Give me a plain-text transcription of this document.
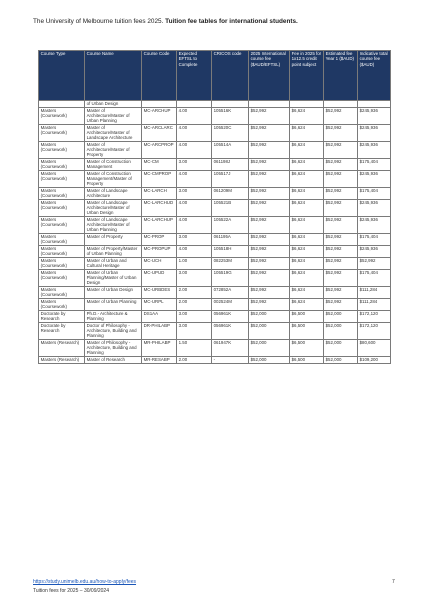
The University of Melbourne tuition fees 2025. Tuition fee tables for international students.
Course Type	Course Name	Course Code	Expected EFTSL to Complete	CRICOS code	2025 International course fee ($AUD/EFTSL)	Fee in 2025 for 1x12.5 credit point subject	Estimated fee Year 1 ($AUD)	Indicative total course fee ($AUD)
	of Urban Design							
Masters (Coursework)	Master of Architecture/Master of Urban Planning	MC-ARCHUP	4.00	105516K	$52,992	$6,624	$52,992	$245,936
Masters (Coursework)	Master of Architecture/Master of Landscape Architecture	MC-ARCLARC	4.00	105520C	$52,992	$6,624	$52,992	$245,936
Masters (Coursework)	Master of Architecture/Master of Property	MC-ARCPROP	4.00	105514A	$52,992	$6,624	$52,992	$245,936
Masters (Coursework)	Master of Construction Management	MC-CM	3.00	061198J	$52,992	$6,624	$52,992	$175,404
Masters (Coursework)	Master of Construction Management/Master of Property	MC-CMPROP	4.00	105517J	$52,992	$6,624	$52,992	$245,936
Masters (Coursework)	Master of Landscape Architecture	MC-LARCH	3.00	061209M	$52,992	$6,624	$52,992	$175,404
Masters (Coursework)	Master of Landscape Architecture/Master of Urban Design	MC-LARCHUD	4.00	105521B	$52,992	$6,624	$52,992	$245,936
Masters (Coursework)	Master of Landscape Architecture/Master of Urban Planning	MC-LARCHUP	4.00	105522A	$52,992	$6,624	$52,992	$245,936
Masters (Coursework)	Master of Property	MC-PROP	3.00	061195A	$52,992	$6,624	$52,992	$175,404
Masters (Coursework)	Master of Property/Master of Urban Planning	MC-PROPUP	4.00	105518H	$52,992	$6,624	$52,992	$245,936
Masters (Coursework)	Master of Urban and Cultural Heritage	MC-UCH	1.00	082253M	$52,992	$6,624	$52,992	$52,992
Masters (Coursework)	Master of Urban Planning/Master of Urban Design	MC-UPUD	3.00	105519G	$52,992	$6,624	$52,992	$175,404
Masters (Coursework)	Master of Urban Design	MC-URBDES	2.00	072852A	$52,992	$6,624	$52,992	$111,284
Masters (Coursework)	Master of Urban Planning	MC-URPL	2.00	002524M	$52,992	$6,624	$52,992	$111,284
Doctorate by Research	Ph.D.- Architecture & Planning	DS1AA	3.00	056961K	$52,000	$6,500	$52,000	$172,120
Doctorate by Research	Doctor of Philosophy - Architecture, Building and Planning	DR-PHILABP	3.00	056961K	$52,000	$6,500	$52,000	$172,120
Masters (Research)	Master of Philosophy - Architecture, Building and Planning	MR-PHILABP	1.50	061947K	$52,000	$6,500	$52,000	$80,600
Masters (Research)	Master of Research	MR-RESABP	2.00	-	$52,000	$6,500	$52,000	$109,200
https://study.unimelb.edu.au/how-to-apply/fees	7
Tuition fees for 2025 – 30/09/2024
